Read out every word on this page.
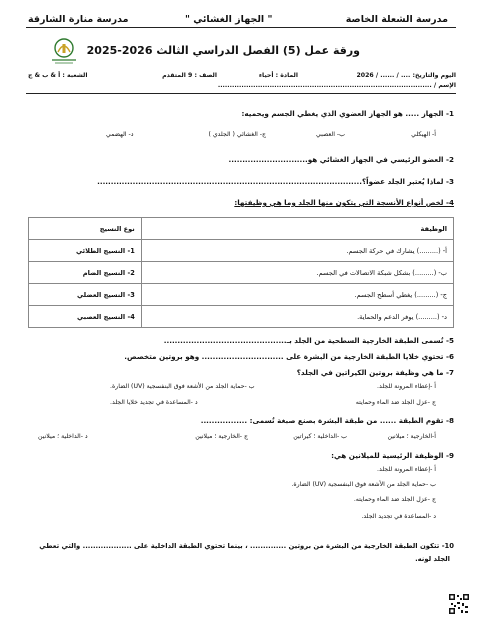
مدرسة الشعلة الخاصة
" الجهاز الغشائي "
مدرسة منارة الشارقة
ورقة عمل (5) الفصل الدراسي الثالث 2026-2025
اليوم والتاريخ: .... / ...... / 2026
المادة : أحياء
الصف : 9 المتقدم
الشعبة : أ & ب & ج
الإسم / ...........................................................................................
1- الجهاز ..... هو الجهاز العضوي الذي يغطي الجسم ويحميه:
أ- الهيكلي
ب- العصبي
ج- الغشائي ( الجلدي )
د- الهضمي
2- العضو الرئيسي في الجهاز الغشائي هو.............................
3- لماذا يُعتبر الجلد عضواً؟.................................................................................................
4- لخص أنواع الأنسجة التي يتكون منها الجلد وما هي وظيفتها:
نوع النسيج	الوظيفة
1- النسيج الطلائي	أ- (.........) يشارك في حركة الجسم.
2- النسيج الضام	ب- (.........) بشكل شبكة الاتصالات في الجسم.
3- النسيج العضلي	ج- (.........) يغطي أسطح الجسم.
4- النسيج العصبي	د- (.........) يوفر الدعم والحماية.
5- تُسمى الطبقة الخارجية السطحية من الجلد بـ.............................................
6- تحتوي خلايا الطبقة الخارجية من البشرة على .............................. وهو بروتين متخصص.
7- ما هي وظيفة بروتين الكيراتين في الجلد؟
أ -إعطاء المرونة للجلد.
ب -حماية الجلد من الأشعة فوق البنفسجية (UV) الضارة.
ج -عزل الجلد ضد الماء وحمايته
د -المساعدة في تجديد خلايا الجلد.
8- تقوم الطبقة ...... من طبقة البشرة بصنع صبغة تُسمى: .................
أ-الخارجية ؛ ميلانين
ب -الداخلية ؛ كيراتين
ج -الخارجية ؛ ميلانين
د -الداخلية ؛ ميلانين
9- الوظيفة الرئيسية للميلانين هي:
أ -إعطاء المرونة للجلد.
ب -حماية الجلد من الأشعة فوق البنفسجية (UV) الضارة.
ج -عزل الجلد ضد الماء وحمايته.
د -المساعدة في تجديد الجلد.
10- تتكون الطبقة الخارجية من البشرة من بروتين .............. ، بينما تحتوي الطبقة الداخلية على ................... والتي تعطي
الجلد لونه.
